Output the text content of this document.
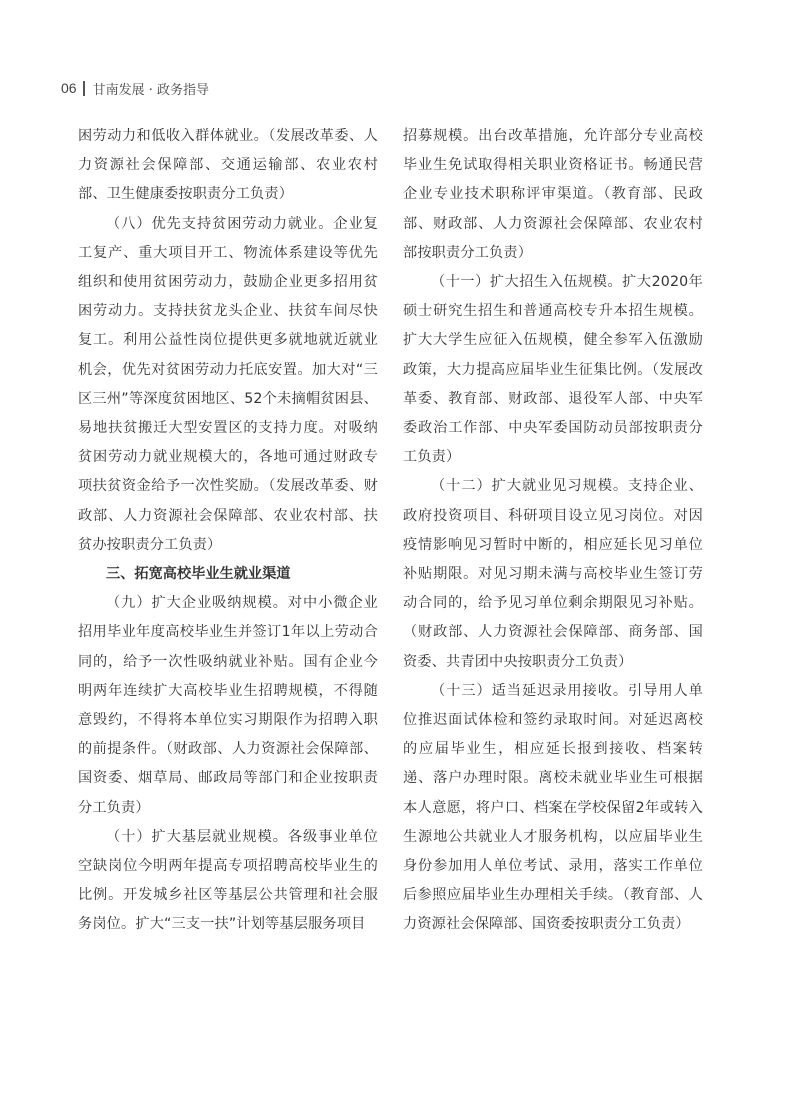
06 甘南发展 · 政务指导

困劳动力和低收入群体就业。（发展改革委、人力资源社会保障部、交通运输部、农业农村部、卫生健康委按职责分工负责）

（八）优先支持贫困劳动力就业。企业复工复产、重大项目开工、物流体系建设等优先组织和使用贫困劳动力，鼓励企业更多招用贫困劳动力。支持扶贫龙头企业、扶贫车间尽快复工。利用公益性岗位提供更多就地就近就业机会，优先对贫困劳动力托底安置。加大对“三区三州”等深度贫困地区、52个未摘帽贫困县、易地扶贫搬迁大型安置区的支持力度。对吸纳贫困劳动力就业规模大的，各地可通过财政专项扶贫资金给予一次性奖励。（发展改革委、财政部、人力资源社会保障部、农业农村部、扶贫办按职责分工负责）

三、拓宽高校毕业生就业渠道

（九）扩大企业吸纳规模。对中小微企业招用毕业年度高校毕业生并签订1年以上劳动合同的，给予一次性吸纳就业补贴。国有企业今明两年连续扩大高校毕业生招聘规模，不得随意毁约，不得将本单位实习期限作为招聘入职的前提条件。（财政部、人力资源社会保障部、国资委、烟草局、邮政局等部门和企业按职责分工负责）

（十）扩大基层就业规模。各级事业单位空缺岗位今明两年提高专项招聘高校毕业生的比例。开发城乡社区等基层公共管理和社会服务岗位。扩大“三支一扶”计划等基层服务项目

招募规模。出台改革措施，允许部分专业高校毕业生免试取得相关职业资格证书。畅通民营企业专业技术职称评审渠道。（教育部、民政部、财政部、人力资源社会保障部、农业农村部按职责分工负责）

（十一）扩大招生入伍规模。扩大2020年硕士研究生招生和普通高校专升本招生规模。扩大大学生应征入伍规模，健全参军入伍激励政策，大力提高应届毕业生征集比例。（发展改革委、教育部、财政部、退役军人部、中央军委政治工作部、中央军委国防动员部按职责分工负责）

（十二）扩大就业见习规模。支持企业、政府投资项目、科研项目设立见习岗位。对因疫情影响见习暂时中断的，相应延长见习单位补贴期限。对见习期未满与高校毕业生签订劳动合同的，给予见习单位剩余期限见习补贴。（财政部、人力资源社会保障部、商务部、国资委、共青团中央按职责分工负责）

（十三）适当延迟录用接收。引导用人单位推迟面试体检和签约录取时间。对延迟离校的应届毕业生，相应延长报到接收、档案转递、落户办理时限。离校未就业毕业生可根据本人意愿，将户口、档案在学校保留2年或转入生源地公共就业人才服务机构，以应届毕业生身份参加用人单位考试、录用，落实工作单位后参照应届毕业生办理相关手续。（教育部、人力资源社会保障部、国资委按职责分工负责）
